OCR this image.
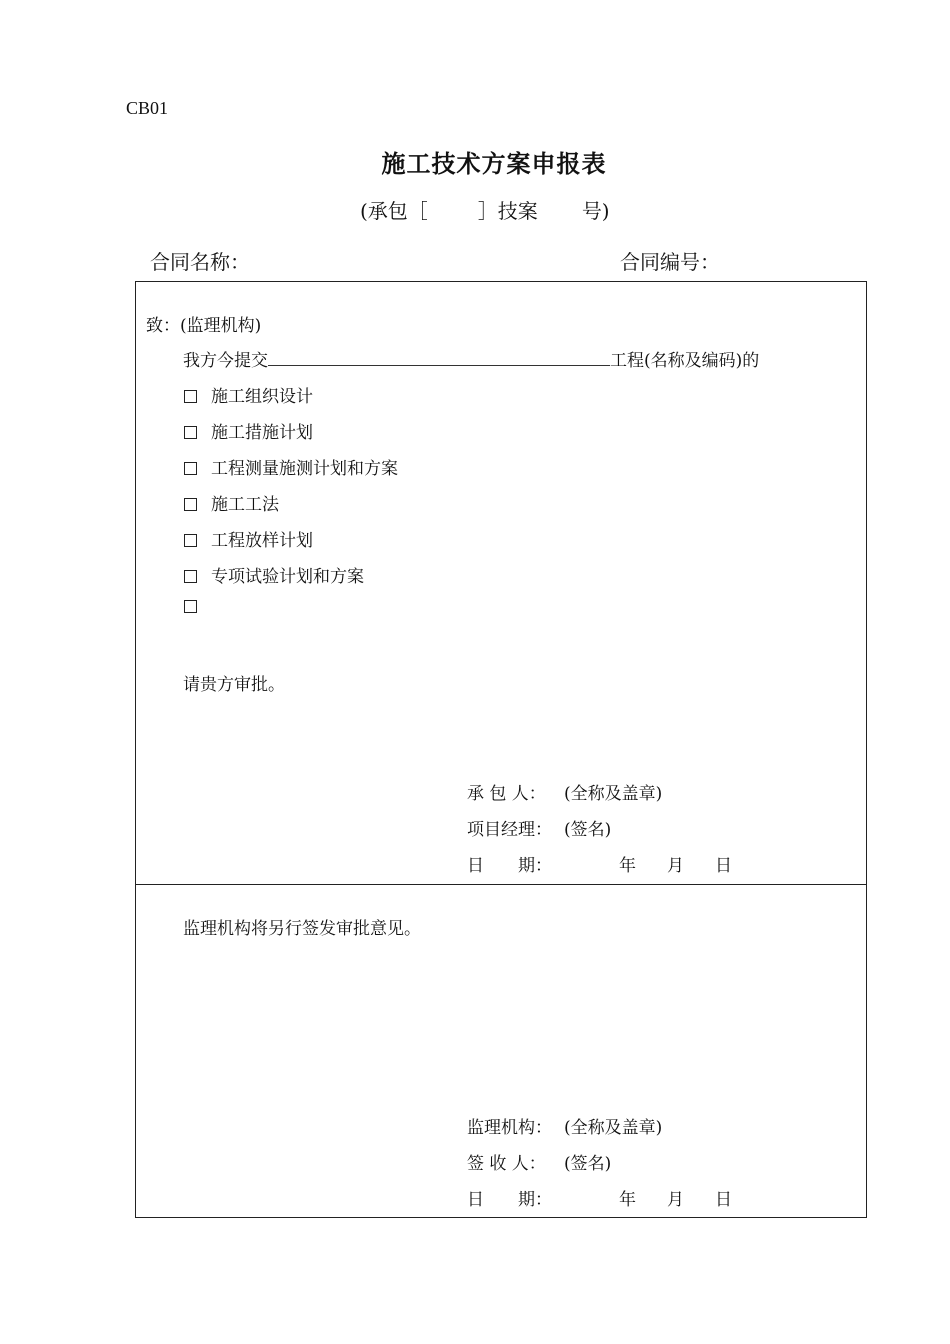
CB01
施工技术方案申报表
(承包［	］技案 号)
合同名称：	合同编号：
致：(监理机构)
我方今提交	工程(名称及编码)的
施工组织设计
施工措施计划
工程测量施测计划和方案
施工工法
工程放样计划
专项试验计划和方案
请贵方审批。
承 包 人： (全称及盖章)
项目经理： (签名)
日　　期：	年 月 日
监理机构将另行签发审批意见。
监理机构： (全称及盖章)
签 收 人： (签名)
日　　期：	年 月 日
